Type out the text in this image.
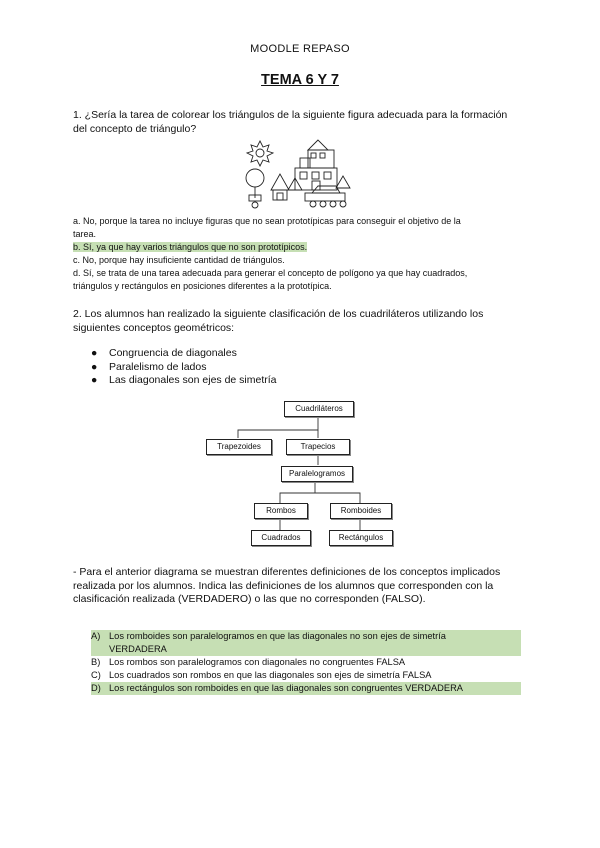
MOODLE REPASO
TEMA 6 Y 7
1. ¿Sería la tarea de colorear los triángulos de la siguiente figura adecuada para la formación
del concepto de triángulo?
a. No, porque la tarea no incluye figuras que no sean prototípicas para conseguir el objetivo de la
tarea.
b. Sí, ya que hay varios triángulos que no son prototípicos.
c. No, porque hay insuficiente cantidad de triángulos.
d. Sí, se trata de una tarea adecuada para generar el concepto de polígono ya que hay cuadrados,
triángulos y rectángulos en posiciones diferentes a la prototípica.
2. Los alumnos han realizado la siguiente clasificación de los cuadriláteros utilizando los
siguientes conceptos geométricos:
● Congruencia de diagonales
● Paralelismo de lados
● Las diagonales son ejes de simetría
Cuadriláteros
Trapezoides	Trapecios
Paralelogramos
Rombos	Romboides
Cuadrados	Rectángulos
- Para el anterior diagrama se muestran diferentes definiciones de los conceptos implicados
realizada por los alumnos. Indica las definiciones de los alumnos que corresponden con la
clasificación realizada (VERDADERO) o las que no corresponden (FALSO).
A) Los romboides son paralelogramos en que las diagonales no son ejes de simetría
VERDADERA
B) Los rombos son paralelogramos con diagonales no congruentes FALSA
C) Los cuadrados son rombos en que las diagonales son ejes de simetría FALSA
D) Los rectángulos son romboides en que las diagonales son congruentes VERDADERA
